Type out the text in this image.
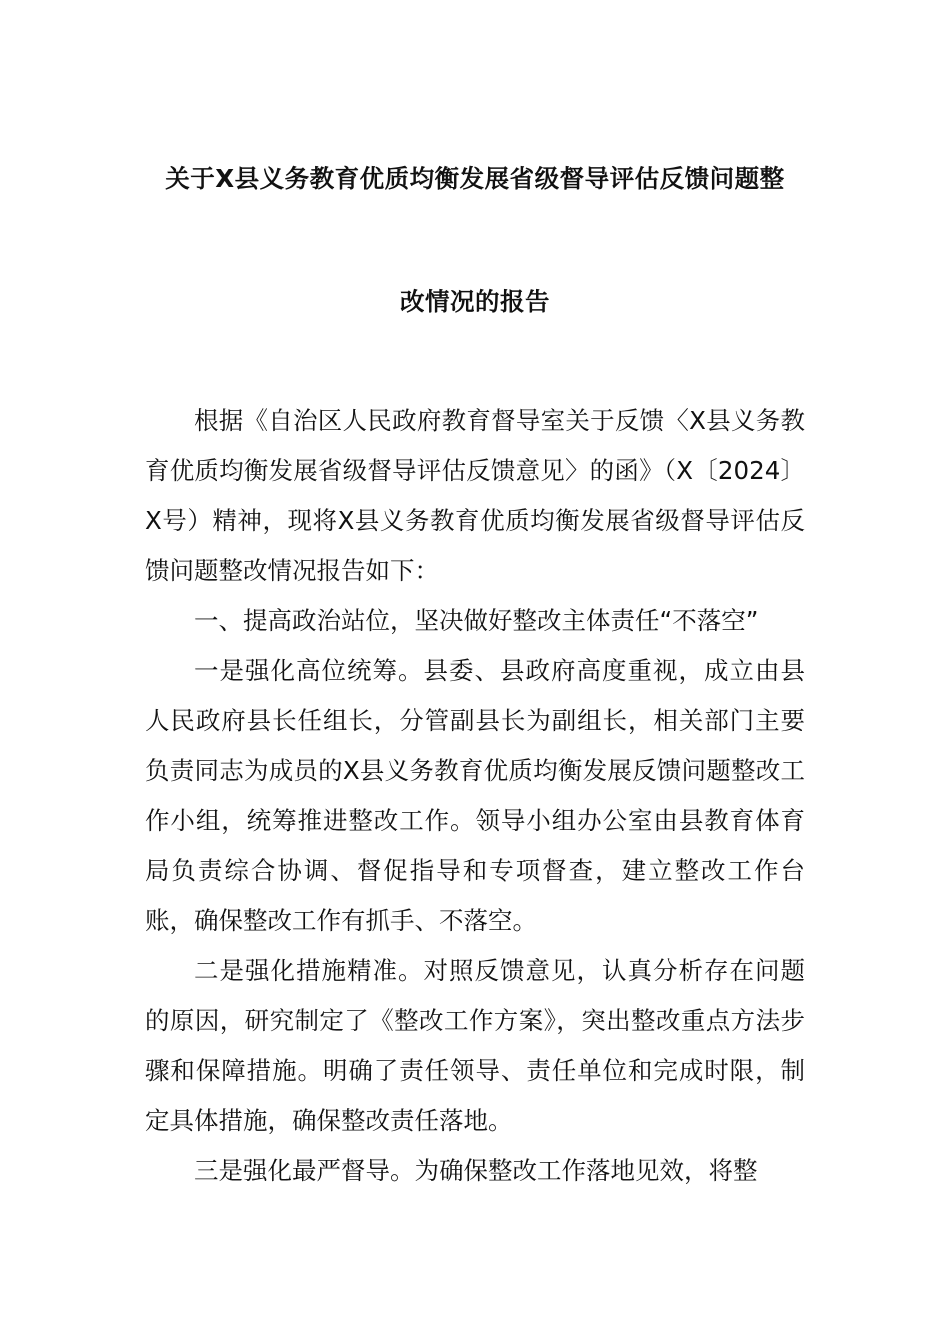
关于X县义务教育优质均衡发展省级督导评估反馈问题整
改情况的报告

根据《自治区人民政府教育督导室关于反馈〈X县义务教育优质均衡发展省级督导评估反馈意见〉的函》（X〔2024〕X号）精神，现将X县义务教育优质均衡发展省级督导评估反馈问题整改情况报告如下：

一、提高政治站位，坚决做好整改主体责任“不落空”

一是强化高位统筹。县委、县政府高度重视，成立由县人民政府县长任组长，分管副县长为副组长，相关部门主要负责同志为成员的X县义务教育优质均衡发展反馈问题整改工作小组，统筹推进整改工作。领导小组办公室由县教育体育局负责综合协调、督促指导和专项督查，建立整改工作台账，确保整改工作有抓手、不落空。

二是强化措施精准。对照反馈意见，认真分析存在问题的原因，研究制定了《整改工作方案》，突出整改重点方法步骤和保障措施。明确了责任领导、责任单位和完成时限，制定具体措施，确保整改责任落地。

三是强化最严督导。为确保整改工作落地见效，将整
